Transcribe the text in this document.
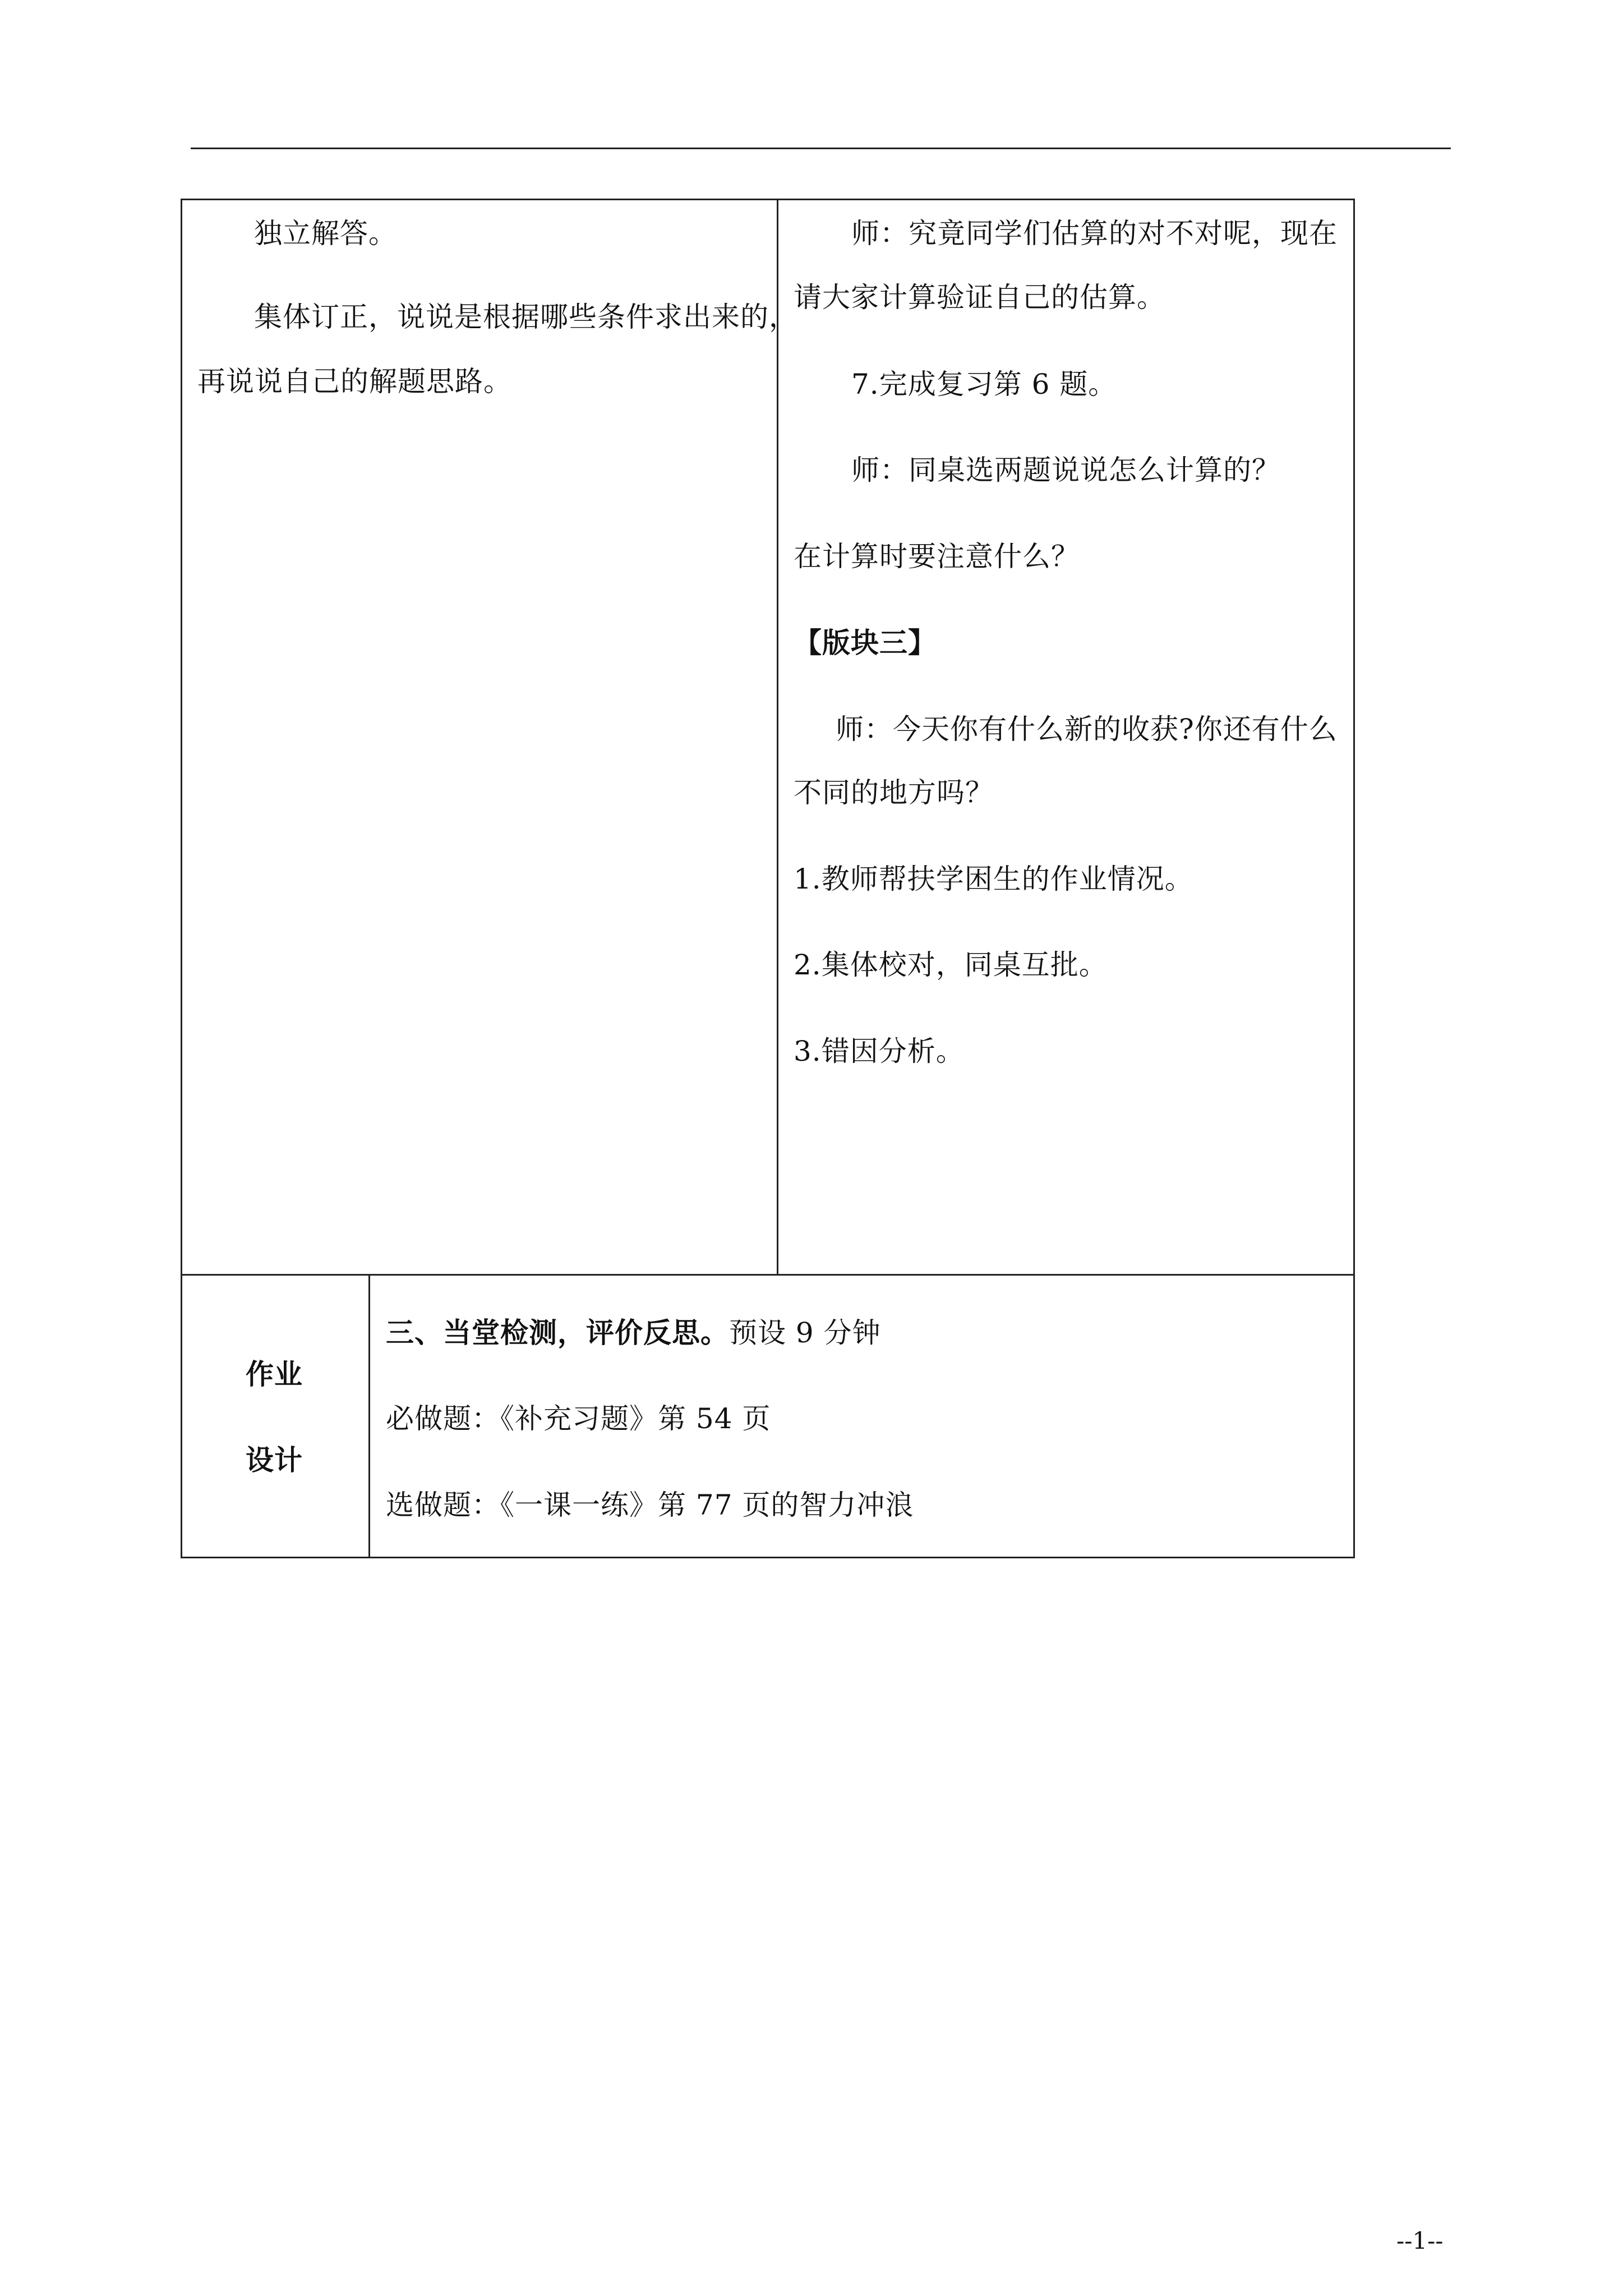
独立解答。
集体订正，说说是根据哪些条件求出来的，
再说说自己的解题思路。
师：究竟同学们估算的对不对呢，现在
请大家计算验证自己的估算。
7.完成复习第 6 题。
师：同桌选两题说说怎么计算的？
在计算时要注意什么？
【版块三】
师：今天你有什么新的收获?你还有什么
不同的地方吗？
1.教师帮扶学困生的作业情况。
2.集体校对，同桌互批。
3.错因分析。
作业
设计
三、当堂检测，评价反思。预设 9 分钟
必做题：《补充习题》第 54 页
选做题：《一课一练》第 77 页的智力冲浪
--1--
